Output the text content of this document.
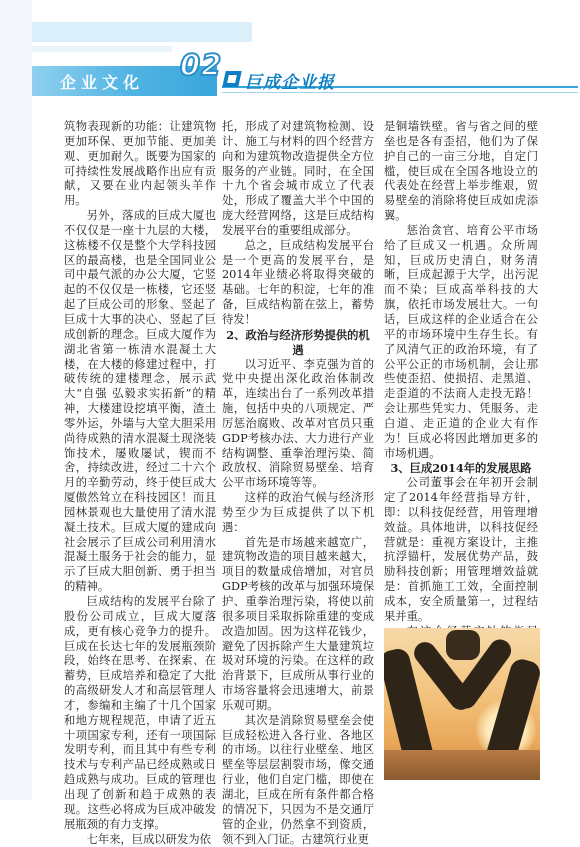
企业文化
02
巨成企业报

筑物表现新的功能：让建筑物更加环保、更加节能、更加美观、更加耐久。既要为国家的可持续性发展战略作出应有贡献，又要在业内起领头羊作用。

另外，落成的巨成大厦也不仅仅是一座十九层的大楼，这栋楼不仅是整个大学科技园区的最高楼，也是全国同业公司中最气派的办公大厦，它竖起的不仅仅是一栋楼，它还竖起了巨成公司的形象、竖起了巨成十大事的决心、竖起了巨成创新的理念。巨成大厦作为湖北省第一栋清水混凝土大楼，在大楼的修建过程中，打破传统的建楼理念，展示武大“自强 弘毅求实拓新”的精神，大楼建设挖填平衡，渣土零外运，外墙与大堂大胆采用尚待成熟的清水混凝土现浇装饰技术，屡败屡试，锲而不舍，持续改进，经过二十六个月的辛勤劳动，终于使巨成大厦傲然耸立在科技园区！而且园林景观也大量使用了清水混凝土技术。巨成大厦的建成向社会展示了巨成公司利用清水混凝土服务于社会的能力，显示了巨成大胆创新、勇于担当的精神。

巨成结构的发展平台除了股份公司成立，巨成大厦落成，更有核心竞争力的提升。巨成在长达七年的发展瓶颈阶段，始终在思考、在探索、在蓄势，巨成培养和稳定了大批的高级研发人才和高层管理人才，参编和主编了十几个国家和地方规程规范，申请了近五十项国家专利，还有一项国际发明专利，而且其中有些专利技术与专利产品已经成熟或日趋成熟与成功。巨成的管理也出现了创新和趋于成熟的表现。这些必将成为巨成冲破发展瓶颈的有力支撑。

七年来，巨成以研发为依

托，形成了对建筑物检测、设计、施工与材料的四个经营方向和为建筑物改造提供全方位服务的产业链。同时，在全国十九个省会城市成立了代表处，形成了覆盖大半个中国的庞大经营网络，这是巨成结构发展平台的重要组成部分。

总之，巨成结构发展平台是一个更高的发展平台，是2014年业绩必将取得突破的基础。七年的积淀，七年的准备，巨成结构箭在弦上，蓄势待发！

2、政治与经济形势提供的机遇

以习近平、李克强为首的党中央提出深化政治体制改革，连续出台了一系列改革措施，包括中央的八项规定、严厉惩治腐败、改革对官员只重GDP考核办法、大力进行产业结构调整、重拳治理污染、简政放权、消除贸易壁垒、培育公平市场环境等等。

这样的政治气候与经济形势至少为巨成提供了以下机遇：

首先是市场越来越宽广，建筑物改造的项目越来越大，项目的数量成倍增加，对官员GDP考核的改革与加强环境保护、重拳治理污染，将使以前很多项目采取拆除重建的变成改造加固。因为这样花钱少，避免了因拆除产生大量建筑垃圾对环境的污染。在这样的政治背景下，巨成所从事行业的市场容量将会迅速增大，前景乐观可期。

其次是消除贸易壁垒会使巨成轻松进入各行业、各地区的市场。以往行业壁垒、地区壁垒等层层割裂市场，像交通行业，他们自定门槛，即使在湖北，巨成在所有条件都合格的情况下，只因为不是交通厅管的企业，仍然拿不到资质，领不到入门证。古建筑行业更

是铜墙铁壁。省与省之间的壁垒也是各有歪招，他们为了保护自己的一亩三分地，自定门槛，使巨成在全国各地设立的代表处在经营上举步维艰，贸易壁垒的消除将使巨成如虎添翼。

惩治贪官、培育公平市场给了巨成又一机遇。众所周知，巨成历史清白，财务清晰，巨成起源于大学，出污泥而不染；巨成高举科技的大旗，依托市场发展壮大。一句话，巨成这样的企业适合在公平的市场环境中生存生长。有了风清气正的政治环境，有了公平公正的市场机制，会让那些使歪招、使损招、走黑道、走歪道的不法商人走投无路！会让那些凭实力、凭服务、走白道、走正道的企业大有作为！巨成必将因此增加更多的市场机遇。

3、巨成2014年的发展思路

公司董事会在年初开会制定了2014年经营指导方针，即：以科技促经营，用管理增效益。具体地讲，以科技促经营就是：重视方案设计，主推抗浮锚杆，发展优势产品，鼓励科技创新；用管理增效益就是：首抓施工工效，全面控制成本，安全质量第一，过程结果并重。
